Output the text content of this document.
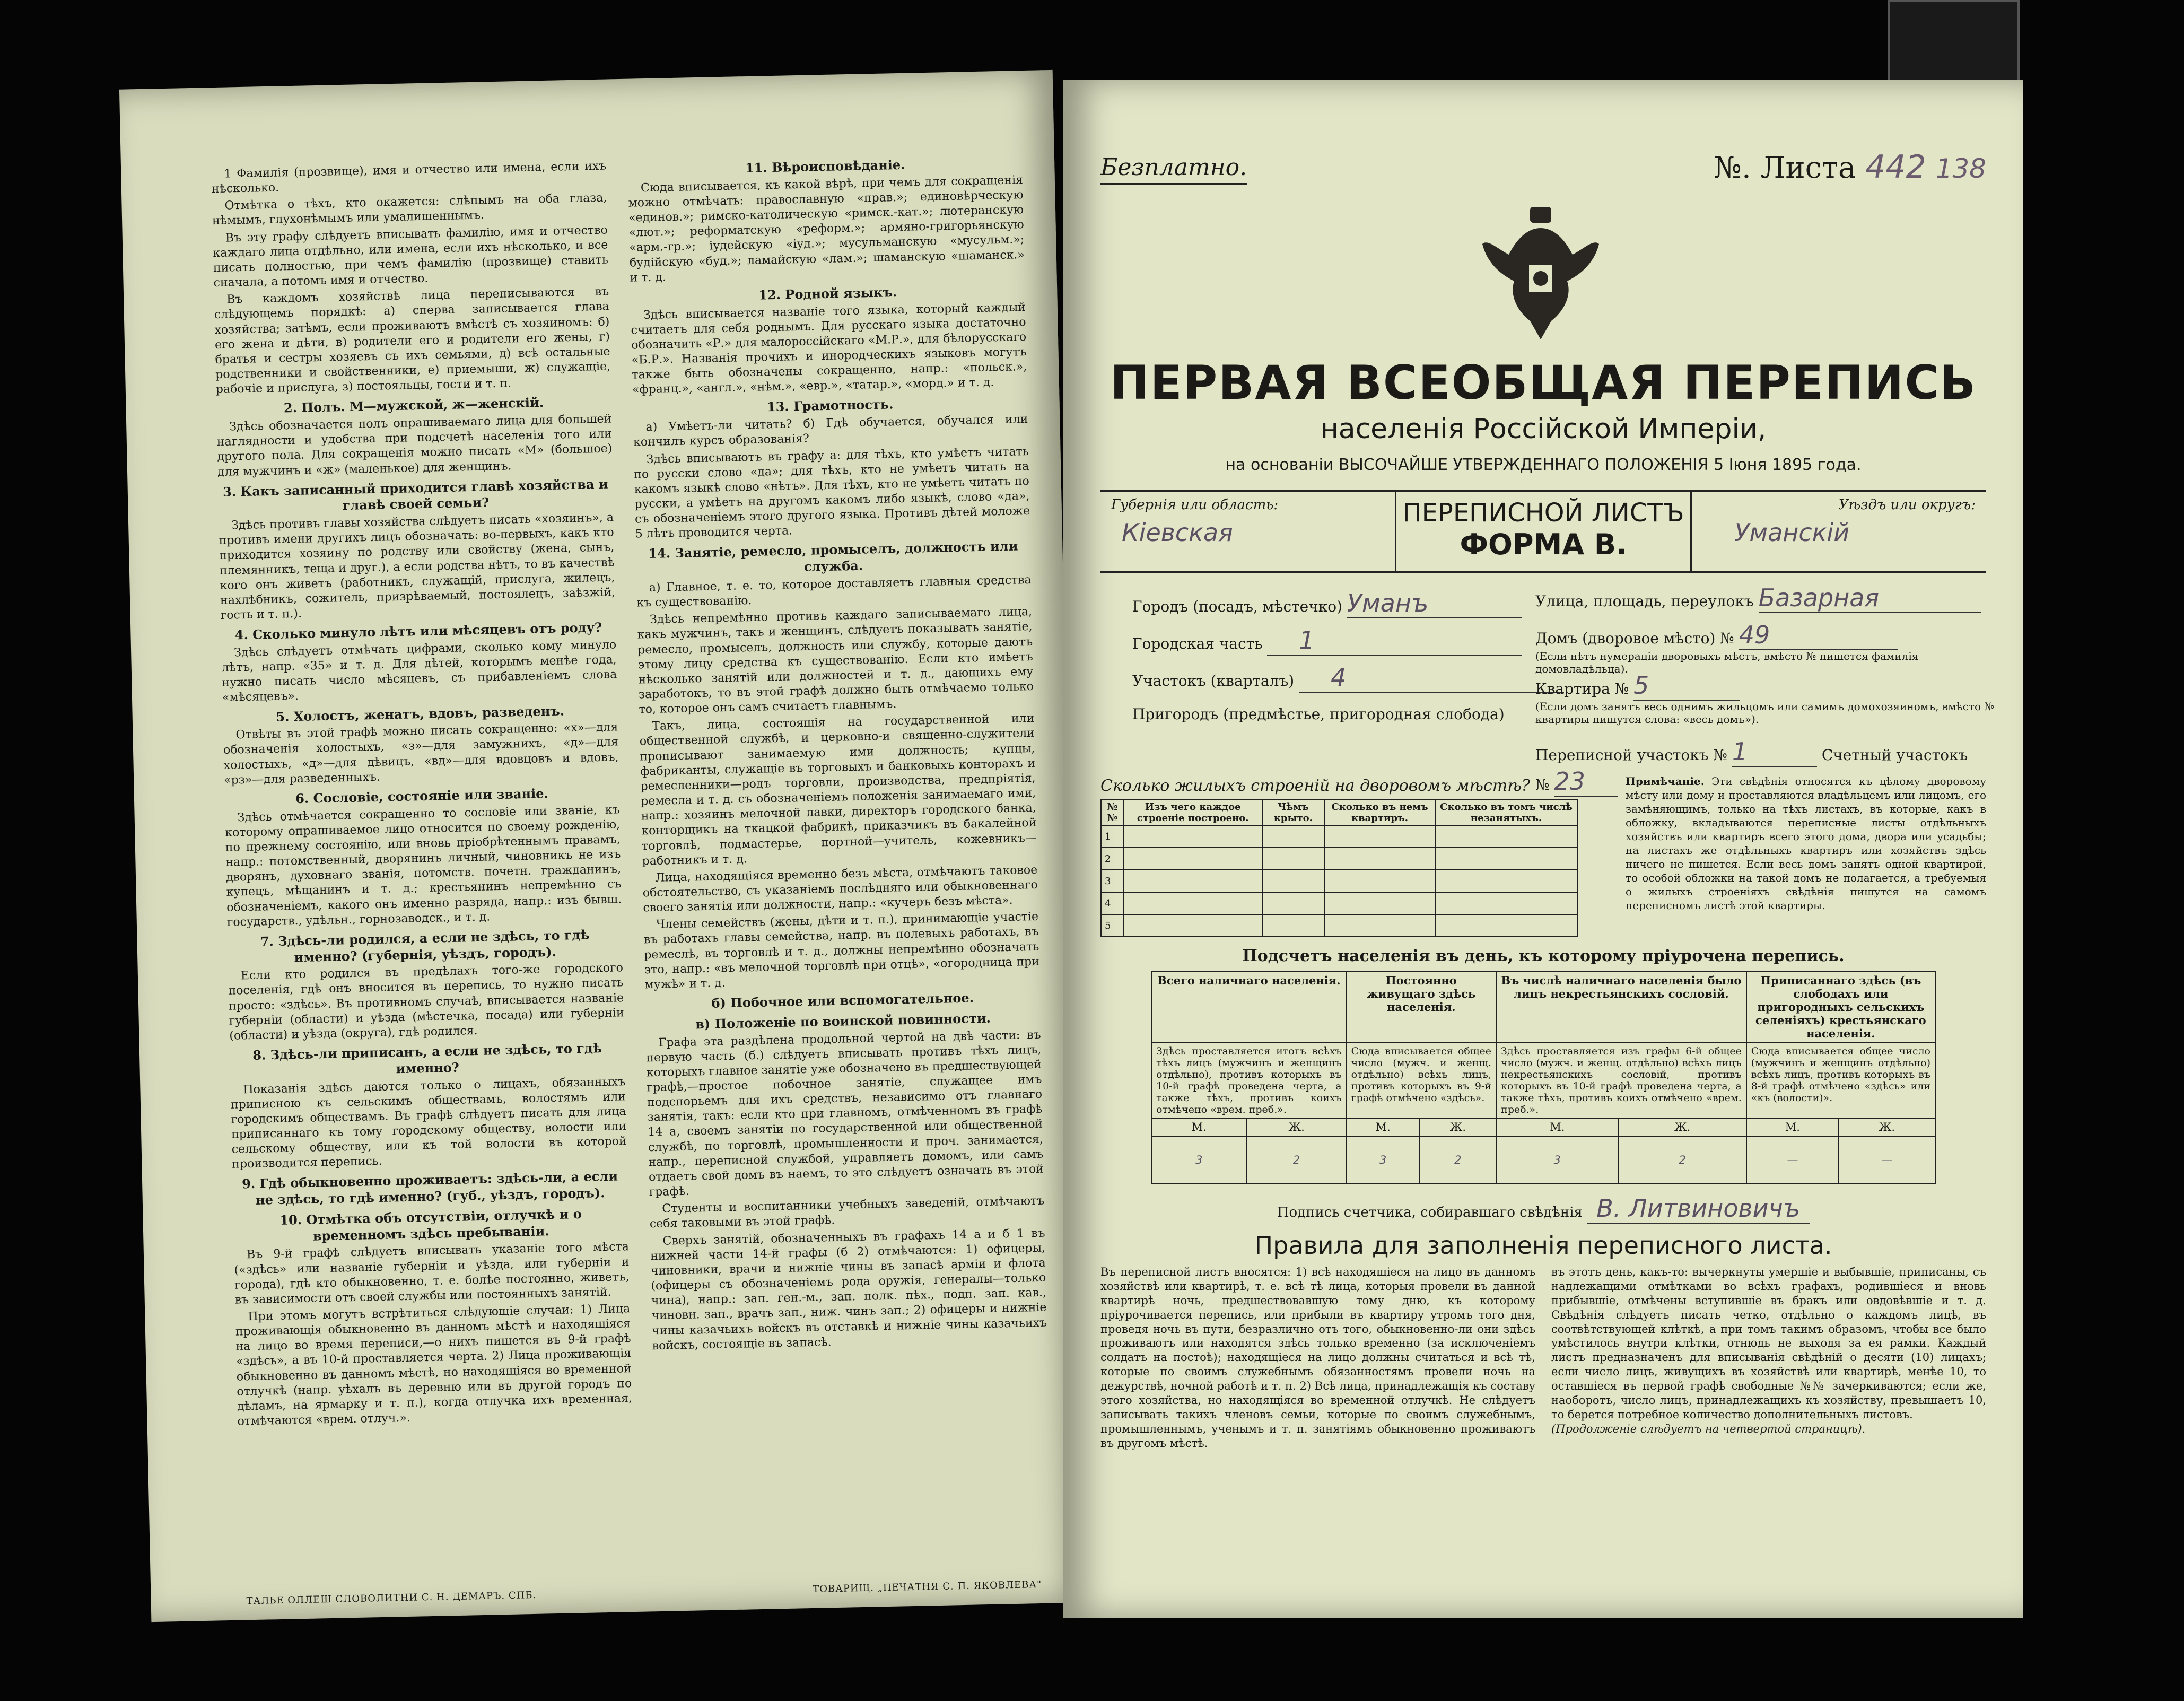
1 Фамилія (прозвище), имя и отчество или имена, если ихъ нѣсколько.

Отмѣтка о тѣхъ, кто окажется: слѣпымъ на оба глаза, нѣмымъ, глухонѣмымъ или умалишеннымъ.

Въ эту графу слѣдуетъ вписывать фамилію, имя и отчество каждаго лица отдѣльно, или имена, если ихъ нѣсколько, и все писать полностью, при чемъ фамилію (прозвище) ставить сначала, а потомъ имя и отчество.

Въ каждомъ хозяйствѣ лица переписываются въ слѣдующемъ порядкѣ: а) сперва записывается глава хозяйства; затѣмъ, если проживаютъ вмѣстѣ съ хозяиномъ: б) его жена и дѣти, в) родители его и родители его жены, г) братья и сестры хозяевъ съ ихъ семьями, д) всѣ остальные родственники и свойственники, е) приемыши, ж) служащіе, рабочіе и прислуга, з) постояльцы, гости и т. п.

2. Полъ. М—мужской, ж—женскій.

Здѣсь обозначается полъ опрашиваемаго лица для большей наглядности и удобства при подсчетѣ населенія того или другого пола. Для сокращенія можно писать «М» (большое) для мужчинъ и «ж» (маленькое) для женщинъ.

3. Какъ записанный приходится главѣ хозяйства и главѣ своей семьи?

Здѣсь противъ главы хозяйства слѣдуетъ писать «хозяинъ», а противъ имени другихъ лицъ обозначать: во-первыхъ, какъ кто приходится хозяину по родству или свойству (жена, сынъ, племянникъ, теща и друг.), а если родства нѣтъ, то въ качествѣ кого онъ живетъ (работникъ, служащій, прислуга, жилецъ, нахлѣбникъ, сожитель, призрѣваемый, постоялецъ, заѣзжій, гость и т. п.).

4. Сколько минуло лѣтъ или мѣсяцевъ отъ роду?

Здѣсь слѣдуетъ отмѣчать цифрами, сколько кому минуло лѣтъ, напр. «35» и т. д. Для дѣтей, которымъ менѣе года, нужно писать число мѣсяцевъ, съ прибавленіемъ слова «мѣсяцевъ».

5. Холостъ, женатъ, вдовъ, разведенъ.

Отвѣты въ этой графѣ можно писать сокращенно: «х»—для обозначенія холостыхъ, «з»—для замужнихъ, «д»—для холостыхъ, «д»—для дѣвицъ, «вд»—для вдовцовъ и вдовъ, «рз»—для разведенныхъ.

6. Сословіе, состояніе или званіе.

Здѣсь отмѣчается сокращенно то сословіе или званіе, къ которому опрашиваемое лицо относится по своему рожденію, по прежнему состоянію, или вновь пріобрѣтеннымъ правамъ, напр.: потомственный, дворянинъ личный, чиновникъ не изъ дворянъ, духовнаго званія, потомств. почетн. гражданинъ, купецъ, мѣщанинъ и т. д.; крестьянинъ непремѣнно съ обозначеніемъ, какого онъ именно разряда, напр.: изъ бывш. государств., удѣльн., горнозаводск., и т. д.

7. Здѣсь-ли родился, а если не здѣсь, то гдѣ именно? (губернія, уѣздъ, городъ).

Если кто родился въ предѣлахъ того-же городского поселенія, гдѣ онъ вносится въ перепись, то нужно писать просто: «здѣсь». Въ противномъ случаѣ, вписывается названіе губерніи (области) и уѣзда (мѣстечка, посада) или губерніи (области) и уѣзда (округа), гдѣ родился.

8. Здѣсь-ли приписанъ, а если не здѣсь, то гдѣ именно?

Показанія здѣсь даются только о лицахъ, обязанныхъ приписною къ сельскимъ обществамъ, волостямъ или городскимъ обществамъ. Въ графѣ слѣдуетъ писать для лица приписаннаго къ тому городскому обществу, волости или сельскому обществу, или къ той волости въ которой производится перепись.

9. Гдѣ обыкновенно проживаетъ: здѣсь-ли, а если не здѣсь, то гдѣ именно? (губ., уѣздъ, городъ).
10. Отмѣтка объ отсутствіи, отлучкѣ и о временномъ здѣсь пребываніи.

Въ 9-й графѣ слѣдуетъ вписывать указаніе того мѣста («здѣсь» или названіе губерніи и уѣзда, или губерніи и города), гдѣ кто обыкновенно, т. е. болѣе постоянно, живетъ, въ зависимости отъ своей службы или постоянныхъ занятій.

При этомъ могутъ встрѣтиться слѣдующіе случаи: 1) Лица проживающія обыкновенно въ данномъ мѣстѣ и находящіяся на лицо во время переписи,—о нихъ пишется въ 9-й графѣ «здѣсь», а въ 10-й проставляется черта. 2) Лица проживающія обыкновенно въ данномъ мѣстѣ, но находящіяся во временной отлучкѣ (напр. уѣхалъ въ деревню или въ другой городъ по дѣламъ, на ярмарку и т. п.), когда отлучка ихъ временная, отмѣчаются «врем. отлуч.».

11. Вѣроисповѣданіе.

Сюда вписывается, къ какой вѣрѣ, при чемъ для сокращенія можно отмѣчать: православную «прав.»; единовѣрческую «единов.»; римско-католическую «римск.-кат.»; лютеранскую «лют.»; реформатскую «реформ.»; армяно-григорьянскую «арм.-гр.»; іудейскую «іуд.»; мусульманскую «мусульм.»; будійскую «буд.»; ламайскую «лам.»; шаманскую «шаманск.» и т. д.

12. Родной языкъ.

Здѣсь вписывается названіе того языка, который каждый считаетъ для себя роднымъ. Для русскаго языка достаточно обозначить «Р.» для малороссійскаго «М.Р.», для бѣлорусскаго «Б.Р.». Названія прочихъ и инородческихъ языковъ могутъ также быть обозначены сокращенно, напр.: «польск.», «франц.», «англ.», «нѣм.», «евр.», «татар.», «морд.» и т. д.

13. Грамотность.

а) Умѣетъ-ли читать? б) Гдѣ обучается, обучался или кончилъ курсъ образованія?

Здѣсь вписываютъ въ графу а: для тѣхъ, кто умѣетъ читать по русски слово «да»; для тѣхъ, кто не умѣетъ читать на какомъ языкѣ слово «нѣтъ». Для тѣхъ, кто не умѣетъ читать по русски, а умѣетъ на другомъ какомъ либо языкѣ, слово «да», съ обозначеніемъ этого другого языка. Противъ дѣтей моложе 5 лѣтъ проводится черта.

14. Занятіе, ремесло, промыселъ, должность или служба.

а) Главное, т. е. то, которое доставляетъ главныя средства къ существованію.

Здѣсь непремѣнно противъ каждаго записываемаго лица, какъ мужчинъ, такъ и женщинъ, слѣдуетъ показывать занятіе, ремесло, промыселъ, должность или службу, которые даютъ этому лицу средства къ существованію. Если кто имѣетъ нѣсколько занятій или должностей и т. д., дающихъ ему заработокъ, то въ этой графѣ должно быть отмѣчаемо только то, которое онъ самъ считаетъ главнымъ.

Такъ, лица, состоящія на государственной или общественной службѣ, и церковно-и священно-служители прописывают занимаемую ими должность; купцы, фабриканты, служащіе въ торговыхъ и банковыхъ конторахъ и ремесленники—родъ торговли, производства, предпріятія, ремесла и т. д. съ обозначеніемъ положенія занимаемаго ими, напр.: хозяинъ мелочной лавки, директоръ городского банка, конторщикъ на ткацкой фабрикѣ, приказчикъ въ бакалейной торговлѣ, подмастерье, портной—учитель, кожевникъ—работникъ и т. д.

Лица, находящіяся временно безъ мѣста, отмѣчаютъ таковое обстоятельство, съ указаніемъ послѣдняго или обыкновеннаго своего занятія или должности, напр.: «кучеръ безъ мѣста».

Члены семействъ (жены, дѣти и т. п.), принимающіе участіе въ работахъ главы семейства, напр. въ полевыхъ работахъ, въ ремеслѣ, въ торговлѣ и т. д., должны непремѣнно обозначать это, напр.: «въ мелочной торговлѣ при отцѣ», «огородница при мужѣ» и т. д.

б) Побочное или вспомогательное.
в) Положеніе по воинской повинности.

Графа эта раздѣлена продольной чертой на двѣ части: въ первую часть (б.) слѣдуетъ вписывать противъ тѣхъ лицъ, которыхъ главное занятіе уже обозначено въ предшествующей графѣ,—простое побочное занятіе, служащее имъ подспорьемъ для ихъ средствъ, независимо отъ главнаго занятія, такъ: если кто при главномъ, отмѣченномъ въ графѣ 14 а, своемъ занятіи по государственной или общественной службѣ, по торговлѣ, промышленности и проч. занимается, напр., переписной службой, управляетъ домомъ, или самъ отдаетъ свой домъ въ наемъ, то это слѣдуетъ означать въ этой графѣ.

Студенты и воспитанники учебныхъ заведеній, отмѣчаютъ себя таковыми въ этой графѣ.

Сверхъ занятій, обозначенныхъ въ графахъ 14 а и б 1 въ нижней части 14-й графы (б 2) отмѣчаются: 1) офицеры, чиновники, врачи и нижніе чины въ запасѣ арміи и флота (офицеры съ обозначеніемъ рода оружія, генералы—только чина), напр.: зап. ген.-м., зап. полк. пѣх., подп. зап. кав., чиновн. зап., врачъ зап., ниж. чинъ зап.; 2) офицеры и нижніе чины казачьихъ войскъ въ отставкѣ и нижніе чины казачьихъ войскъ, состоящіе въ запасѣ.

ТАЛЬЕ ОЛЛЕШ СЛОВОЛИТНИ С. Н. ДЕМАРЪ. СПБ.
ТОВАРИЩ. „ПЕЧАТНЯ С. П. ЯКОВЛЕВА"
Безплатно.	№. Листа 442 138
ПЕРВАЯ ВСЕОБЩАЯ ПЕРЕПИСЬ
населенія Россійской Имперіи,
на основаніи ВЫСОЧАЙШЕ УТВЕРЖДЕННАГО ПОЛОЖЕНІЯ 5 Іюня 1895 года.
Губернія или область:
Кіевская
ПЕРЕПИСНОЙ ЛИСТЪ
ФОРМА В.
Уѣздъ или округъ:
Уманскій
Городъ (посадъ, мѣстечко) Уманъ
Городская часть 1
Участокъ (кварталъ) 4
Пригородъ (предмѣстье, пригородная слобода)
Улица, площадь, переулокъ Базарная
Домъ (дворовое мѣсто) № 49
(Если нѣтъ нумераціи дворовыхъ мѣстъ, вмѣсто № пишется фамилія домовладѣльца).
Квартира № 5
(Если домъ занятъ весь однимъ жильцомъ или самимъ домохозяиномъ, вмѣсто № квартиры пишутся слова: «весь домъ»).
Переписной участокъ № 1	Счетный участокъ № 23
Сколько жилыхъ строеній на дворовомъ мѣстѣ?
№№	Изъ чего каждое строеніе построено.	Чѣмъ крыто.	Сколько въ немъ квартиръ.	Сколько въ томъ числѣ незанятыхъ.
1				
2				
3				
4				
5				
Примѣчаніе. Эти свѣдѣнія относятся къ цѣлому дворовому мѣсту или дому и проставляются владѣльцемъ или лицомъ, его замѣняющимъ, только на тѣхъ листахъ, въ которые, какъ в обложку, вкладываются переписные листы отдѣльныхъ хозяйствъ или квартиръ всего этого дома, двора или усадьбы; на листахъ же отдѣльныхъ квартиръ или хозяйствъ здѣсь ничего не пишется. Если весь домъ занятъ одной квартирой, то особой обложки на такой домъ не полагается, а требуемыя о жилыхъ строеніяхъ свѣдѣнія пишутся на самомъ переписномъ листѣ этой квартиры.
Подсчетъ населенія въ день, къ которому пріурочена перепись.
Всего наличнаго населенія.		Постоянно живущаго здѣсь населенія.		Въ числѣ наличнаго населенія было лицъ некрестьянскихъ сословій.		Приписаннаго здѣсь (въ слободахъ или пригородныхъ сельскихъ селеніяхъ) крестьянскаго населенія.	
Здѣсь проставляется итогъ всѣхъ тѣхъ лицъ (мужчинъ и женщинъ отдѣльно), противъ которыхъ въ 10-й графѣ проведена черта, а также тѣхъ, противъ коихъ отмѣчено «врем. преб.».		Сюда вписывается общее число (мужч. и женщ. отдѣльно) всѣхъ лицъ, противъ которыхъ въ 9-й графѣ отмѣчено «здѣсь».		Здѣсь проставляется изъ графы 6-й общее число (мужч. и женщ. отдѣльно) всѣхъ лицъ некрестьянскихъ сословій, противъ которыхъ въ 10-й графѣ проведена черта, а также тѣхъ, противъ коихъ отмѣчено «врем. преб.».		Сюда вписывается общее число (мужчинъ и женщинъ отдѣльно) всѣхъ лицъ, противъ которыхъ въ 8-й графѣ отмѣчено «здѣсь» или «къ (волости)».	
М.	Ж.	М.	Ж.	М.	Ж.	М.	Ж.
3	2	3	2	3	2	—	—
Подпись счетчика, собиравшаго свѣдѣнія В. Литвиновичъ
Правила для заполненія переписного листа.
Въ переписной листъ вносятся: 1) всѣ находящіеся на лицо въ данномъ хозяйствѣ или квартирѣ, т. е. всѣ тѣ лица, которыя провели въ данной квартирѣ ночь, предшествовавшую тому дню, къ которому пріурочивается перепись, или прибыли въ квартиру утромъ того дня, проведя ночь въ пути, безразлично отъ того, обыкновенно-ли они здѣсь проживаютъ или находятся здѣсь только временно (за исключеніемъ солдатъ на постоѣ); находящіеся на лицо должны считаться и всѣ тѣ, которые по своимъ служебнымъ обязанностямъ провели ночь на дежурствѣ, ночной работѣ и т. п. 2) Всѣ лица, принадлежащія къ составу этого хозяйства, но находящіяся во временной отлучкѣ. Не слѣдуетъ записывать такихъ членовъ семьи, которые по своимъ служебнымъ, промышленнымъ, ученымъ и т. п. занятіямъ обыкновенно проживаютъ въ другомъ мѣстѣ.
въ этотъ день, какъ-то: вычеркнуты умершіе и выбывшіе, приписаны, съ надлежащими отмѣтками во всѣхъ графахъ, родившіеся и вновь прибывшіе, отмѣчены вступившіе въ бракъ или овдовѣвшіе и т. д. Свѣдѣнія слѣдуетъ писать четко, отдѣльно о каждомъ лицѣ, въ соотвѣтствующей клѣткѣ, а при томъ такимъ образомъ, чтобы все было умѣстилось внутри клѣтки, отнюдь не выходя за ея рамки. Каждый листъ предназначенъ для вписыванія свѣдѣній о десяти (10) лицахъ; если число лицъ, живущихъ въ хозяйствѣ или квартирѣ, менѣе 10, то оставшіеся въ первой графѣ свободные №№ зачеркиваются; если же, наоборотъ, число лицъ, принадлежащихъ къ хозяйству, превышаетъ 10, то берется потребное количество дополнительныхъ листовъ.
(Продолженіе слѣдуетъ на четвертой страницѣ).
